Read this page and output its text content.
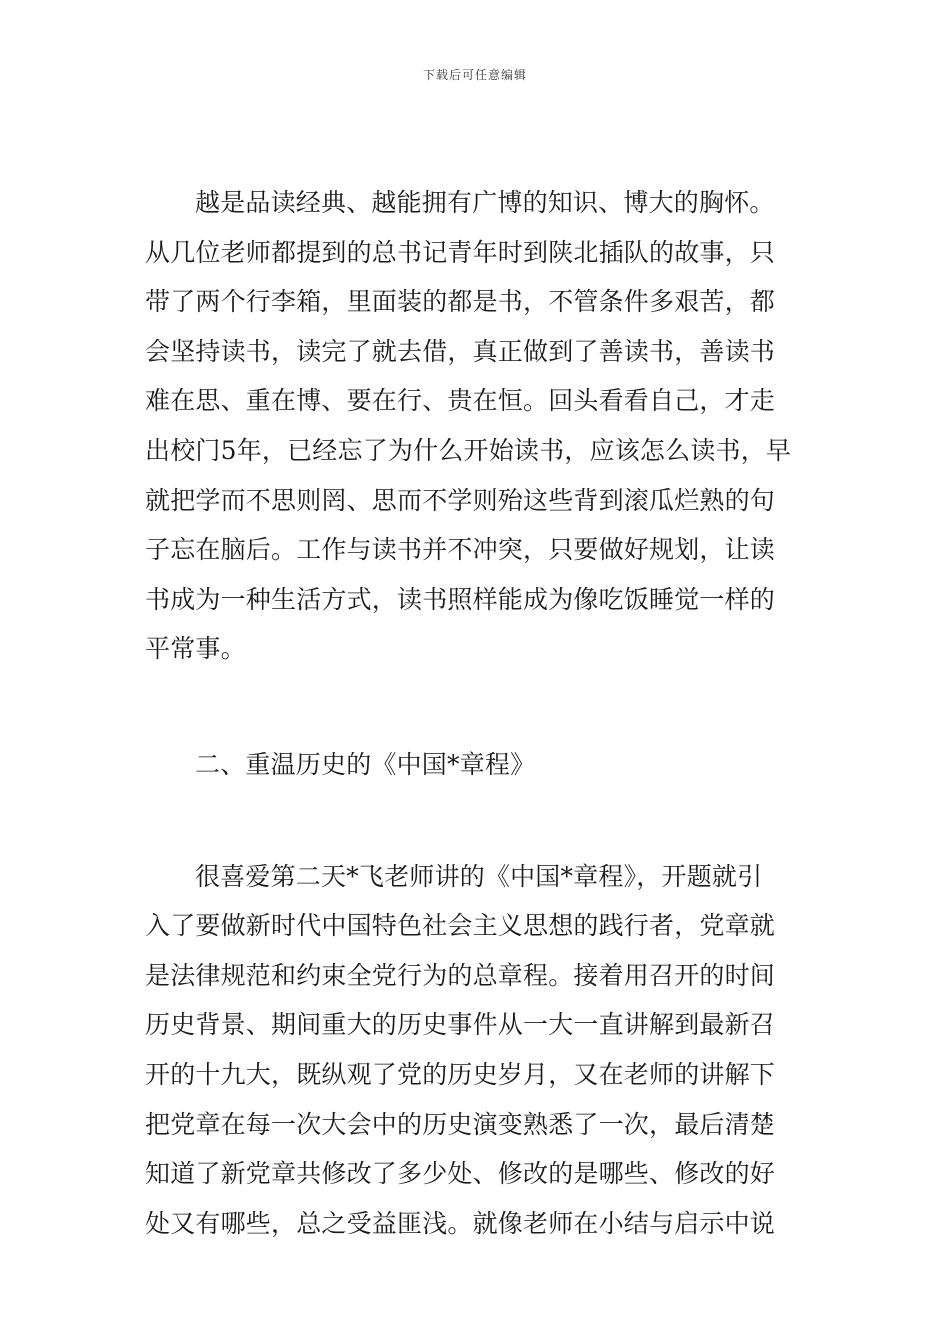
下载后可任意编辑
越是品读经典、越能拥有广博的知识、博大的胸怀。
从几位老师都提到的总书记青年时到陕北插队的故事，只
带了两个行李箱，里面装的都是书，不管条件多艰苦，都
会坚持读书，读完了就去借，真正做到了善读书，善读书
难在思、重在博、要在行、贵在恒。回头看看自己，才走
出校门5年，已经忘了为什么开始读书，应该怎么读书，早
就把学而不思则罔、思而不学则殆这些背到滚瓜烂熟的句
子忘在脑后。工作与读书并不冲突，只要做好规划，让读
书成为一种生活方式，读书照样能成为像吃饭睡觉一样的
平常事。
二、重温历史的《中国*章程》
很喜爱第二天*飞老师讲的《中国*章程》，开题就引
入了要做新时代中国特色社会主义思想的践行者，党章就
是法律规范和约束全党行为的总章程。接着用召开的时间
历史背景、期间重大的历史事件从一大一直讲解到最新召
开的十九大，既纵观了党的历史岁月，又在老师的讲解下
把党章在每一次大会中的历史演变熟悉了一次，最后清楚
知道了新党章共修改了多少处、修改的是哪些、修改的好
处又有哪些，总之受益匪浅。就像老师在小结与启示中说
